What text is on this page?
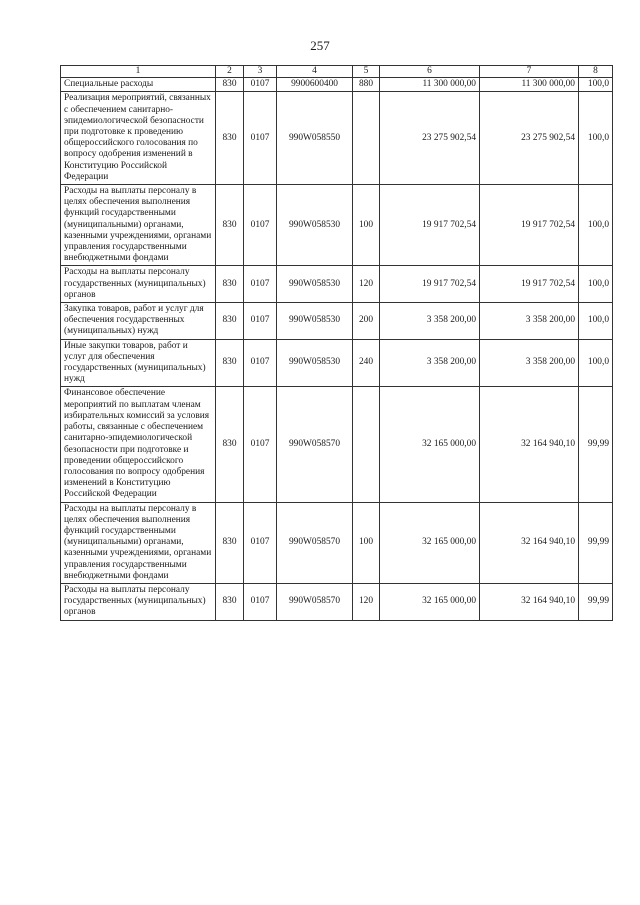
257
1	2	3	4	5	6	7	8
Специальные расходы	830	0107	9900600400	880	11 300 000,00	11 300 000,00	100,0
Реализация мероприятий, связанных с обеспечением санитарно-эпидемиологической безопасности при подготовке к проведению общероссийского голосования по вопросу одобрения изменений в Конституцию Российской Федерации	830	0107	990W058550		23 275 902,54	23 275 902,54	100,0
Расходы на выплаты персоналу в целях обеспечения выполнения функций государственными (муниципальными) органами, казенными учреждениями, органами управления государственными внебюджетными фондами	830	0107	990W058530	100	19 917 702,54	19 917 702,54	100,0
Расходы на выплаты персоналу государственных (муниципальных) органов	830	0107	990W058530	120	19 917 702,54	19 917 702,54	100,0
Закупка товаров, работ и услуг для обеспечения государственных (муниципальных) нужд	830	0107	990W058530	200	3 358 200,00	3 358 200,00	100,0
Иные закупки товаров, работ и услуг для обеспечения государственных (муниципальных) нужд	830	0107	990W058530	240	3 358 200,00	3 358 200,00	100,0
Финансовое обеспечение мероприятий по выплатам членам избирательных комиссий за условия работы, связанные с обеспечением санитарно-эпидемиологической безопасности при подготовке и проведении общероссийского голосования по вопросу одобрения изменений в Конституцию Российской Федерации	830	0107	990W058570		32 165 000,00	32 164 940,10	99,99
Расходы на выплаты персоналу в целях обеспечения выполнения функций государственными (муниципальными) органами, казенными учреждениями, органами управления государственными внебюджетными фондами	830	0107	990W058570	100	32 165 000,00	32 164 940,10	99,99
Расходы на выплаты персоналу государственных (муниципальных) органов	830	0107	990W058570	120	32 165 000,00	32 164 940,10	99,99
